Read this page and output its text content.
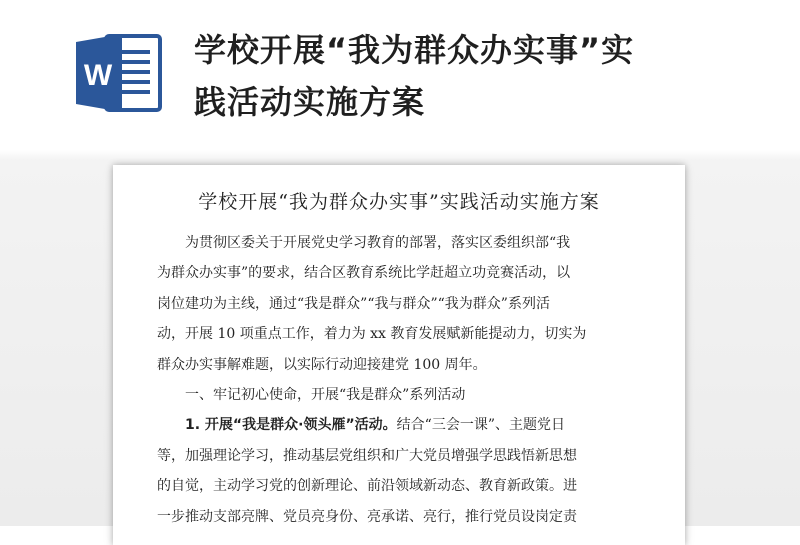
W
学校开展“我为群众办实事”实
践活动实施方案
学校开展“我为群众办实事”实践活动实施方案
为贯彻区委关于开展党史学习教育的部署，落实区委组织部“我
为群众办实事”的要求，结合区教育系统比学赶超立功竞赛活动，以
岗位建功为主线，通过“我是群众”“我与群众”“我为群众”系列活
动，开展 10 项重点工作，着力为 xx 教育发展赋新能提动力，切实为
群众办实事解难题，以实际行动迎接建党 100 周年。
一、牢记初心使命，开展“我是群众”系列活动
1. 开展“我是群众·领头雁”活动。结合“三会一课”、主题党日
等，加强理论学习，推动基层党组织和广大党员增强学思践悟新思想
的自觉，主动学习党的创新理论、前沿领域新动态、教育新政策。进
一步推动支部亮牌、党员亮身份、亮承诺、亮行，推行党员设岗定责
